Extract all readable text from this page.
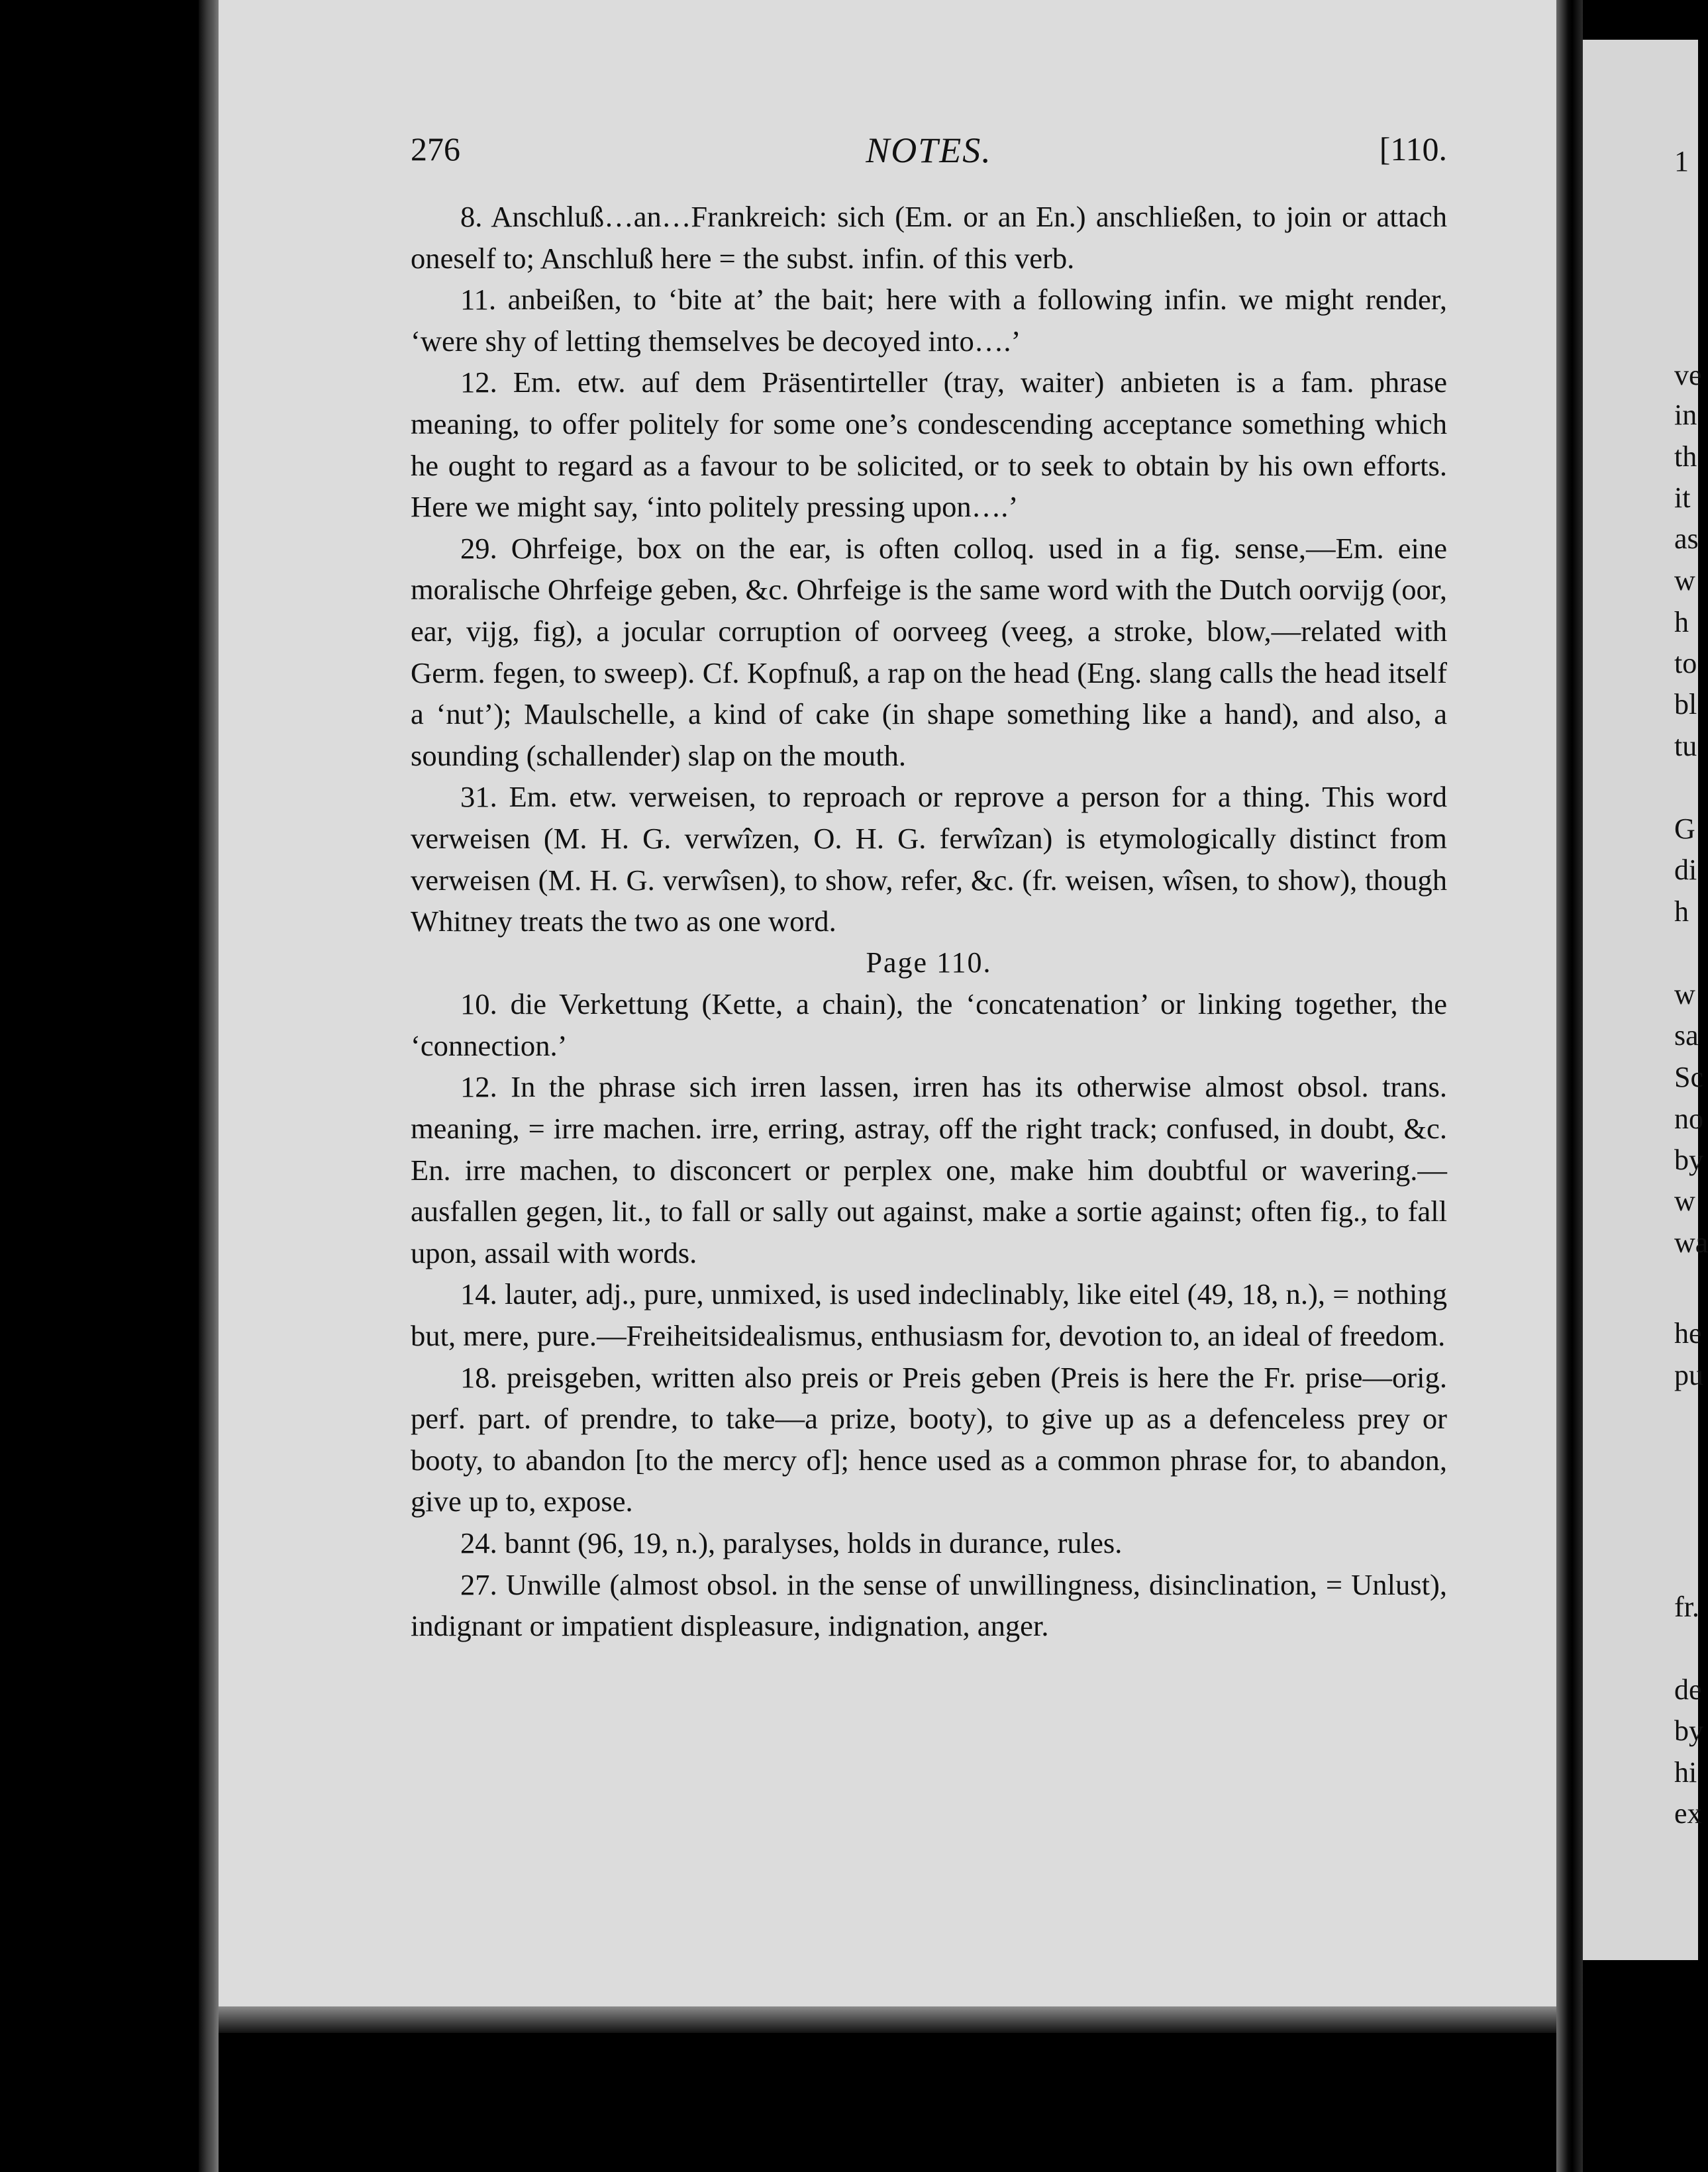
1
ve
in
th
it
as
w
h
to
bl
tu
G
di
h
w
sa
Sc
no
by
w
wa
he
pu
fr.
de
by
hi
ex
276	NOTES.	[110.

8. Anschluß…an…Frankreich: sich (Em. or an En.) anschließen, to join or attach oneself to; Anschluß here = the subst. infin. of this verb.

11. anbeißen, to ‘bite at’ the bait; here with a following infin. we might render, ‘were shy of letting themselves be decoyed into….’

12. Em. etw. auf dem Präsentirteller (tray, waiter) anbieten is a fam. phrase meaning, to offer politely for some one’s condescending acceptance something which he ought to regard as a favour to be solicited, or to seek to obtain by his own efforts. Here we might say, ‘into politely pressing upon….’

29. Ohrfeige, box on the ear, is often colloq. used in a fig. sense,—Em. eine moralische Ohrfeige geben, &c. Ohrfeige is the same word with the Dutch oorvijg (oor, ear, vijg, fig), a jocular corruption of oorveeg (veeg, a stroke, blow,—related with Germ. fegen, to sweep). Cf. Kopfnuß, a rap on the head (Eng. slang calls the head itself a ‘nut’); Maulschelle, a kind of cake (in shape something like a hand), and also, a sounding (schallender) slap on the mouth.

31. Em. etw. verweisen, to reproach or reprove a person for a thing. This word verweisen (M. H. G. verwîzen, O. H. G. ferwîzan) is etymologically distinct from verweisen (M. H. G. verwîsen), to show, refer, &c. (fr. weisen, wîsen, to show), though Whitney treats the two as one word.

Page 110.

10. die Verkettung (Kette, a chain), the ‘concatenation’ or linking together, the ‘connection.’

12. In the phrase sich irren lassen, irren has its otherwise almost obsol. trans. meaning, = irre machen. irre, erring, astray, off the right track; confused, in doubt, &c. En. irre machen, to disconcert or perplex one, make him doubtful or wavering.—ausfallen gegen, lit., to fall or sally out against, make a sortie against; often fig., to fall upon, assail with words.

14. lauter, adj., pure, unmixed, is used indeclinably, like eitel (49, 18, n.), = nothing but, mere, pure.—Freiheitsidealismus, enthusiasm for, devotion to, an ideal of freedom.

18. preisgeben, written also preis or Preis geben (Preis is here the Fr. prise—orig. perf. part. of prendre, to take—a prize, booty), to give up as a defenceless prey or booty, to abandon [to the mercy of]; hence used as a common phrase for, to abandon, give up to, expose.

24. bannt (96, 19, n.), paralyses, holds in durance, rules.

27. Unwille (almost obsol. in the sense of unwillingness, disinclination, = Unlust), indignant or impatient displeasure, indignation, anger.
